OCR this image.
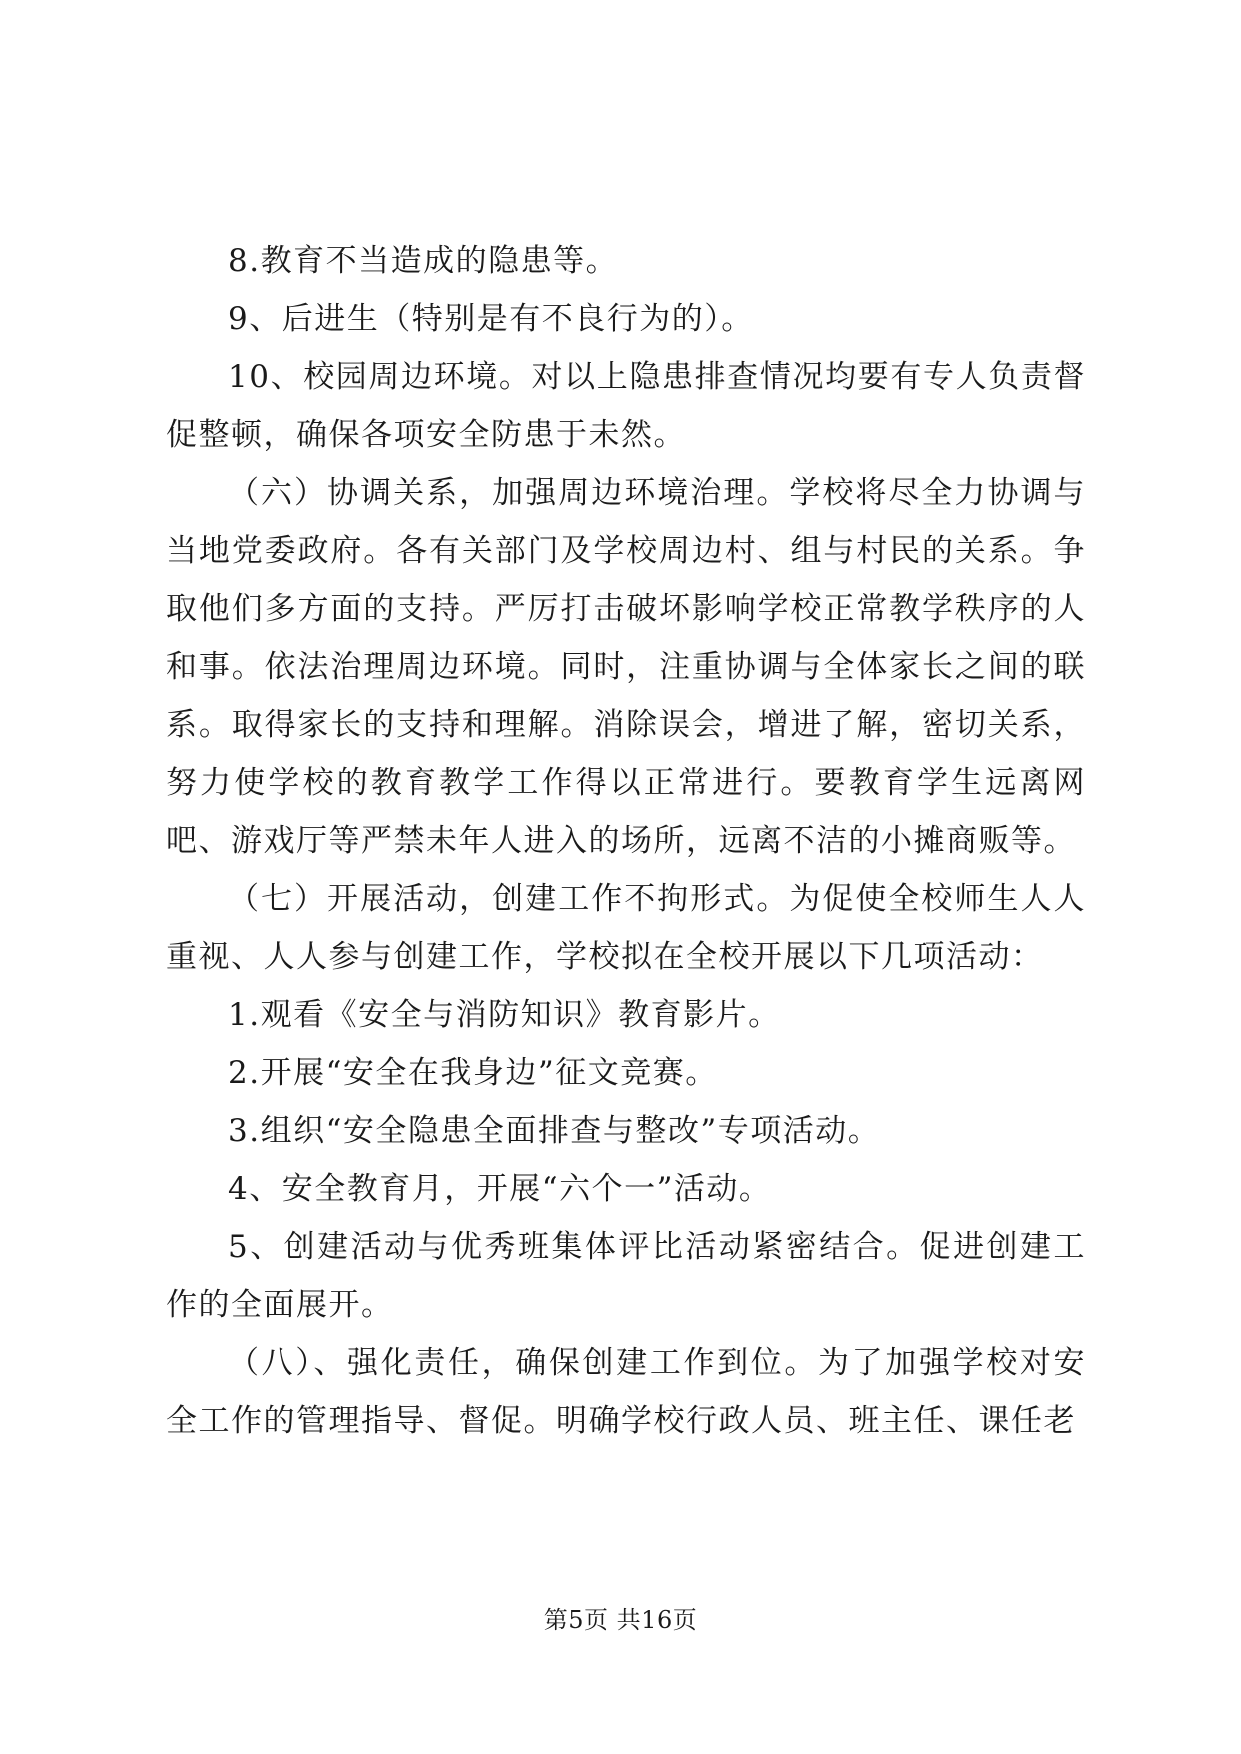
8.教育不当造成的隐患等。

9、后进生（特别是有不良行为的）。

10、校园周边环境。对以上隐患排查情况均要有专人负责督促整顿，确保各项安全防患于未然。

（六）协调关系，加强周边环境治理。学校将尽全力协调与当地党委政府。各有关部门及学校周边村、组与村民的关系。争取他们多方面的支持。严厉打击破坏影响学校正常教学秩序的人和事。依法治理周边环境。同时，注重协调与全体家长之间的联系。取得家长的支持和理解。消除误会，增进了解，密切关系，努力使学校的教育教学工作得以正常进行。要教育学生远离网吧、游戏厅等严禁未年人进入的场所，远离不洁的小摊商贩等。

（七）开展活动，创建工作不拘形式。为促使全校师生人人重视、人人参与创建工作，学校拟在全校开展以下几项活动：

1.观看《安全与消防知识》教育影片。

2.开展“安全在我身边”征文竞赛。

3.组织“安全隐患全面排查与整改”专项活动。

4、安全教育月，开展“六个一”活动。

5、创建活动与优秀班集体评比活动紧密结合。促进创建工作的全面展开。

（八）、强化责任，确保创建工作到位。为了加强学校对安全工作的管理指导、督促。明确学校行政人员、班主任、课任老

第5页 共16页
